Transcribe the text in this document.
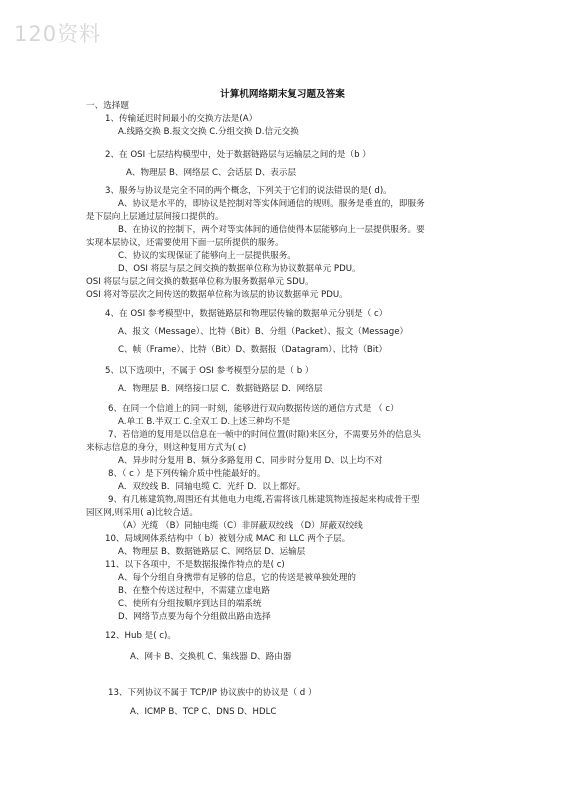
120资料
计算机网络期末复习题及答案
一、选择题
1、传输延迟时间最小的交换方法是(A）
A.线路交换 B.报文交换 C.分组交换 D.信元交换
2、在 OSI 七层结构模型中，处于数据链路层与运输层之间的是（b ）
A、物理层 B、网络层 C、会话层 D、表示层
3、服务与协议是完全不同的两个概念，下列关于它们的说法错误的是( d)。
A、协议是水平的，即协议是控制对等实体间通信的规则。服务是垂直的，即服务
是下层向上层通过层间接口提供的。
B、在协议的控制下，两个对等实体间的通信使得本层能够向上一层提供服务。要
实现本层协议，还需要使用下面一层所提供的服务。
C、协议的实现保证了能够向上一层提供服务。
D、OSI 将层与层之间交换的数据单位称为协议数据单元 PDU。
OSI 将层与层之间交换的数据单位称为服务数据单元 SDU。
OSI 将对等层次之间传送的数据单位称为该层的协议数据单元 PDU。
4、在 OSI 参考模型中，数据链路层和物理层传输的数据单元分别是（ c）
A、报文（Message）、比特（Bit）B、分组（Packet）、报文（Message）
C、帧（Frame）、比特（Bit）D、数据报（Datagram）、比特（Bit）
5、以下选项中，不属于 OSI 参考模型分层的是（ b ）
A．物理层 B．网络接口层 C．数据链路层 D．网络层
6、在同一个信道上的同一时刻，能够进行双向数据传送的通信方式是 （ c）
A.单工 B.半双工 C.全双工 D.上述三种均不是
7、若信道的复用是以信息在一帧中的时间位置(时隙)来区分，不需要另外的信息头
来标志信息的身分，则这种复用方式为( c)
A、异步时分复用 B、频分多路复用 C、同步时分复用 D、以上均不对
8、（ c ）是下列传输介质中性能最好的。
A．双绞线 B．同轴电缆 C．光纤 D．以上都好。
9、有几栋建筑物,周围还有其他电力电缆,若需将该几栋建筑物连接起来构成骨干型
园区网,则采用( a)比较合适。
（A）光缆 （B）同轴电缆（C）非屏蔽双绞线 （D）屏蔽双绞线
10、局域网体系结构中（ b）被划分成 MAC 和 LLC 两个子层。
A、物理层 B、数据链路层 C、网络层 D、运输层
11、以下各项中，不是数据报操作特点的是( c)
A、每个分组自身携带有足够的信息，它的传送是被单独处理的
B、在整个传送过程中，不需建立虚电路
C、使所有分组按顺序到达目的端系统
D、网络节点要为每个分组做出路由选择
12、Hub 是( c)。
A、网卡 B、交换机 C、集线器 D、路由器
13、下列协议不属于 TCP/IP 协议族中的协议是（ d ）
A、ICMP B、TCP C、DNS D、HDLC
